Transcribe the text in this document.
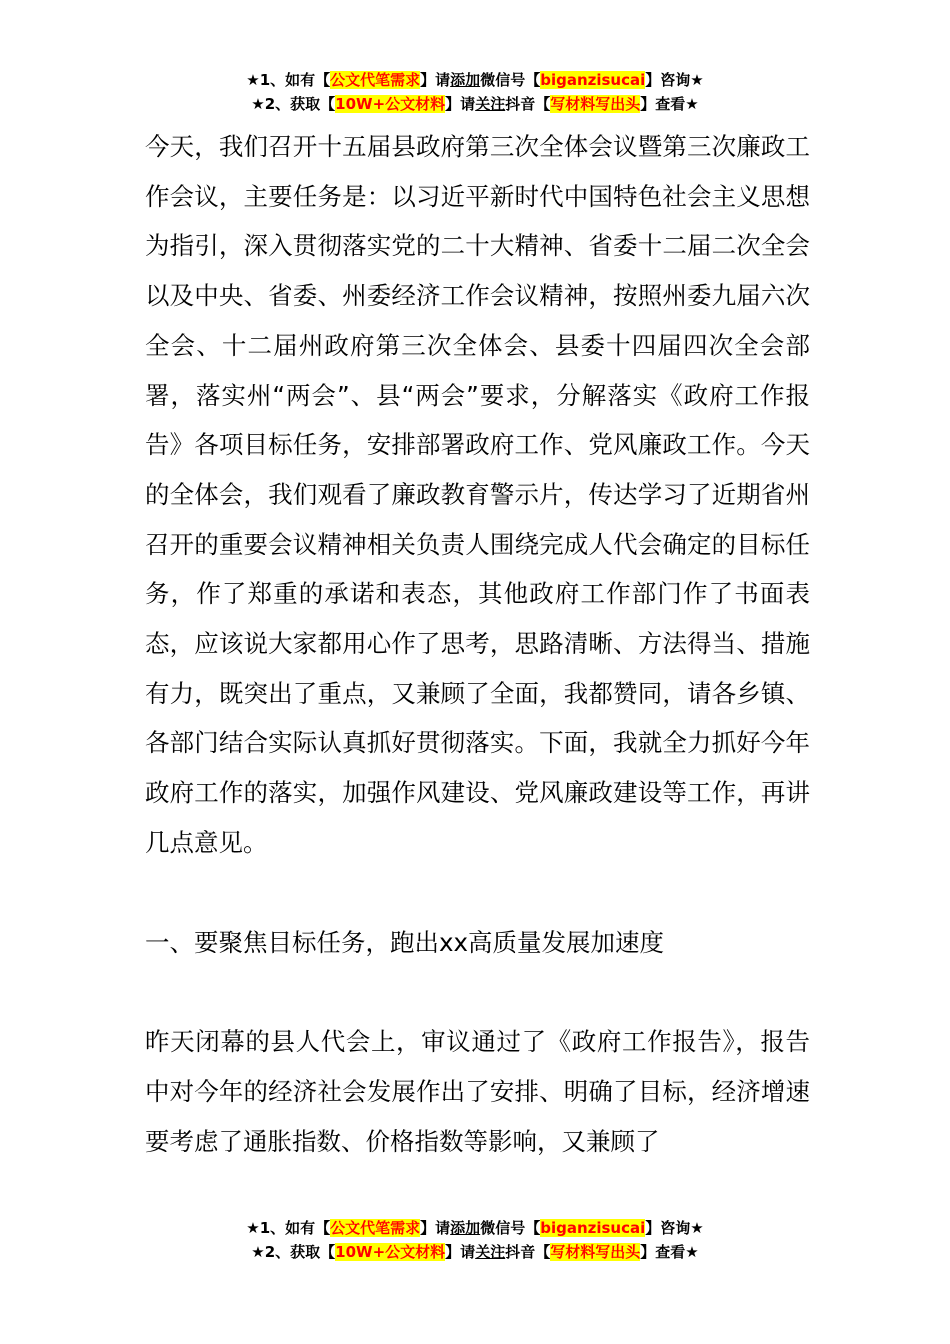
★1、如有【公文代笔需求】请添加微信号【biganzisucai】咨询★
★2、获取【10W+公文材料】请关注抖音【写材料写出头】查看★

今天，我们召开十五届县政府第三次全体会议暨第三次廉政工作会议，主要任务是：以习近平新时代中国特色社会主义思想为指引，深入贯彻落实党的二十大精神、省委十二届二次全会以及中央、省委、州委经济工作会议精神，按照州委九届六次全会、十二届州政府第三次全体会、县委十四届四次全会部署，落实州“两会”、县“两会”要求，分解落实《政府工作报告》各项目标任务，安排部署政府工作、党风廉政工作。今天的全体会，我们观看了廉政教育警示片，传达学习了近期省州召开的重要会议精神相关负责人围绕完成人代会确定的目标任务，作了郑重的承诺和表态，其他政府工作部门作了书面表态，应该说大家都用心作了思考，思路清晰、方法得当、措施有力，既突出了重点，又兼顾了全面，我都赞同，请各乡镇、各部门结合实际认真抓好贯彻落实。下面，我就全力抓好今年政府工作的落实，加强作风建设、党风廉政建设等工作，再讲几点意见。

一、要聚焦目标任务，跑出xx高质量发展加速度

昨天闭幕的县人代会上，审议通过了《政府工作报告》，报告中对今年的经济社会发展作出了安排、明确了目标，经济增速要考虑了通胀指数、价格指数等影响，又兼顾了

★1、如有【公文代笔需求】请添加微信号【biganzisucai】咨询★
★2、获取【10W+公文材料】请关注抖音【写材料写出头】查看★
